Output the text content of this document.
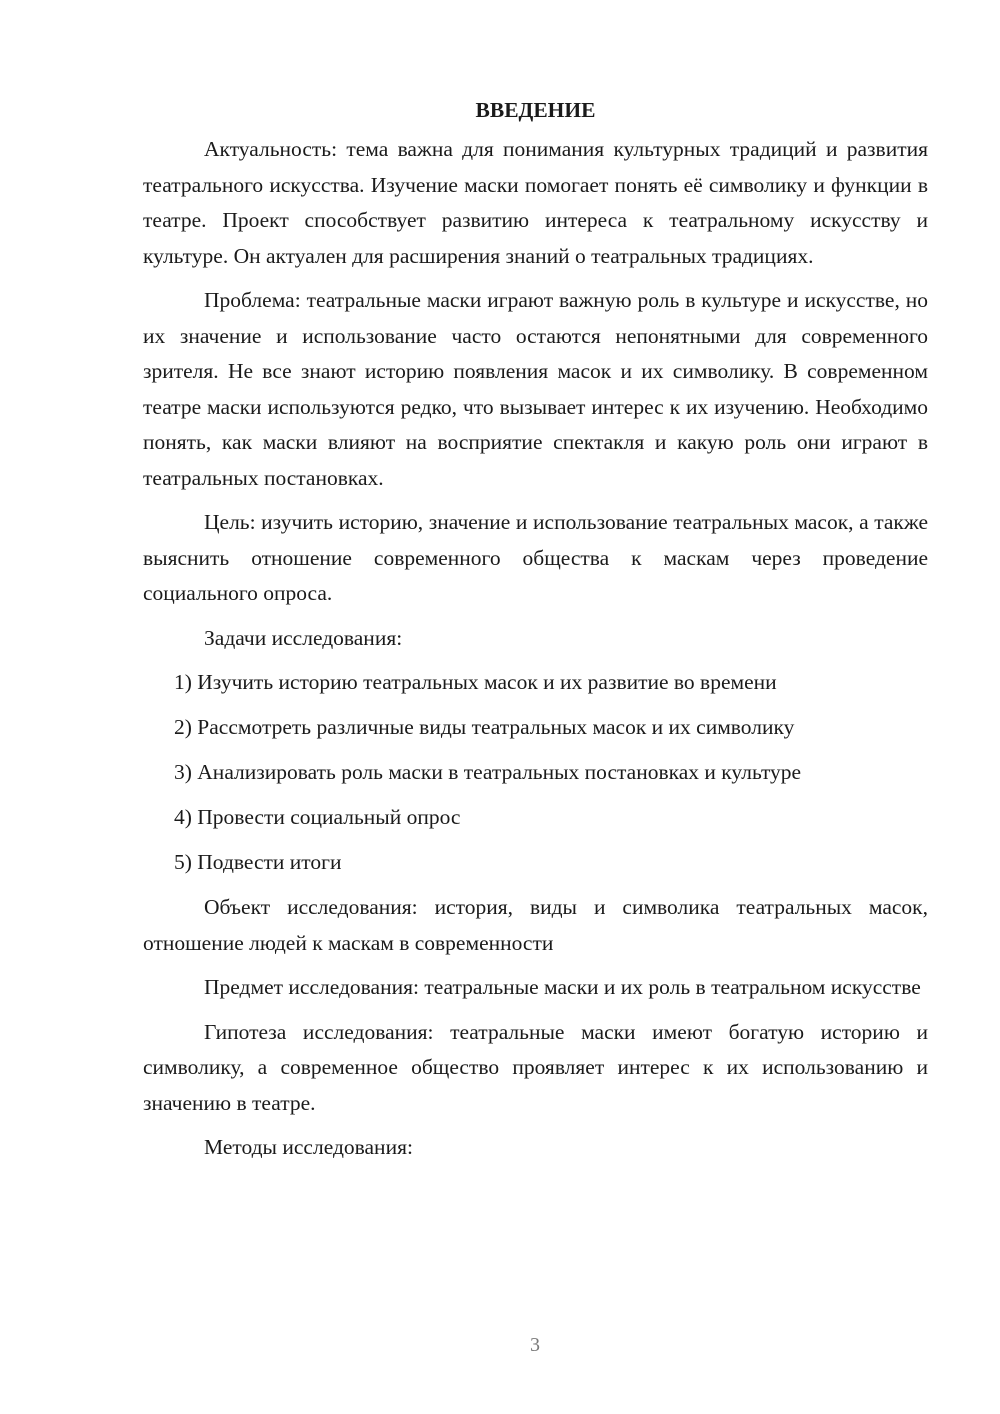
ВВЕДЕНИЕ

Актуальность: тема важна для понимания культурных традиций и развития театрального искусства. Изучение маски помогает понять её символику и функции в театре. Проект способствует развитию интереса к театральному искусству и культуре. Он актуален для расширения знаний о театральных традициях.

Проблема: театральные маски играют важную роль в культуре и искусстве, но их значение и использование часто остаются непонятными для современного зрителя. Не все знают историю появления масок и их символику. В современном театре маски используются редко, что вызывает интерес к их изучению. Необходимо понять, как маски влияют на восприятие спектакля и какую роль они играют в театральных постановках.

Цель: изучить историю, значение и использование театральных масок, а также выяснить отношение современного общества к маскам через проведение социального опроса.

Задачи исследования:

1) Изучить историю театральных масок и их развитие во времени
2) Рассмотреть различные виды театральных масок и их символику
3) Анализировать роль маски в театральных постановках и культуре
4) Провести социальный опрос
5) Подвести итоги

Объект исследования: история, виды и символика театральных масок, отношение людей к маскам в современности

Предмет исследования: театральные маски и их роль в театральном искусстве

Гипотеза исследования: театральные маски имеют богатую историю и символику, а современное общество проявляет интерес к их использованию и значению в театре.

Методы исследования:

3
